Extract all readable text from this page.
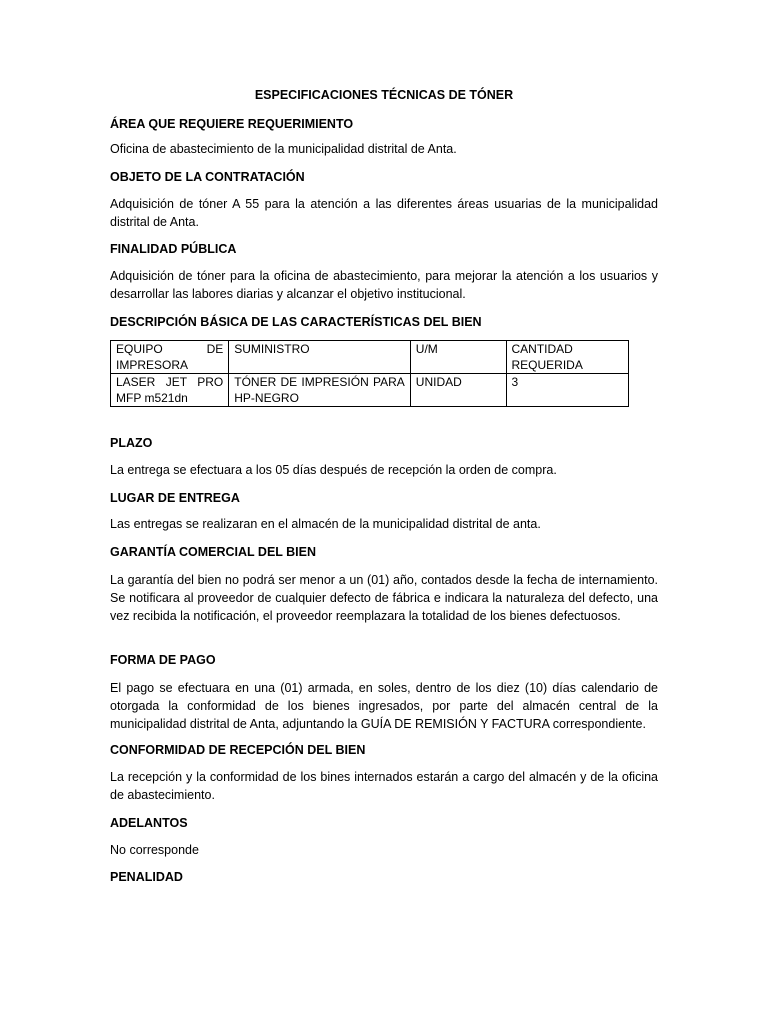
ESPECIFICACIONES TÉCNICAS DE TÓNER
ÁREA QUE REQUIERE REQUERIMIENTO
Oficina de abastecimiento de la municipalidad distrital de Anta.
OBJETO DE LA CONTRATACIÓN
Adquisición de tóner A 55 para la atención a las diferentes áreas usuarias de la municipalidad distrital de Anta.
FINALIDAD PÚBLICA
Adquisición de tóner para la oficina de abastecimiento, para mejorar la atención a los usuarios y desarrollar las labores diarias y alcanzar el objetivo institucional.
DESCRIPCIÓN BÁSICA DE LAS CARACTERÍSTICAS DEL BIEN
EQUIPO DE IMPRESORA	SUMINISTRO	U/M	CANTIDAD REQUERIDA
LASER JET PRO MFP m521dn	TÓNER DE IMPRESIÓN PARA HP-NEGRO	UNIDAD	3
PLAZO
La entrega se efectuara a los 05 días después de recepción la orden de compra.
LUGAR DE ENTREGA
Las entregas se realizaran en el almacén de la municipalidad distrital de anta.
GARANTÍA COMERCIAL DEL BIEN
La garantía del bien no podrá ser menor a un (01) año, contados desde la fecha de internamiento. Se notificara al proveedor de cualquier defecto de fábrica e indicara la naturaleza del defecto, una vez recibida la notificación, el proveedor reemplazara la totalidad de los bienes defectuosos.
FORMA DE PAGO
El pago se efectuara en una (01) armada, en soles, dentro de los diez (10) días calendario de otorgada la conformidad de los bienes ingresados, por parte del almacén central de la municipalidad distrital de Anta, adjuntando la GUÍA DE REMISIÓN Y FACTURA correspondiente.
CONFORMIDAD DE RECEPCIÓN DEL BIEN
La recepción y la conformidad de los bines internados estarán a cargo del almacén y de la oficina de abastecimiento.
ADELANTOS
No corresponde
PENALIDAD
